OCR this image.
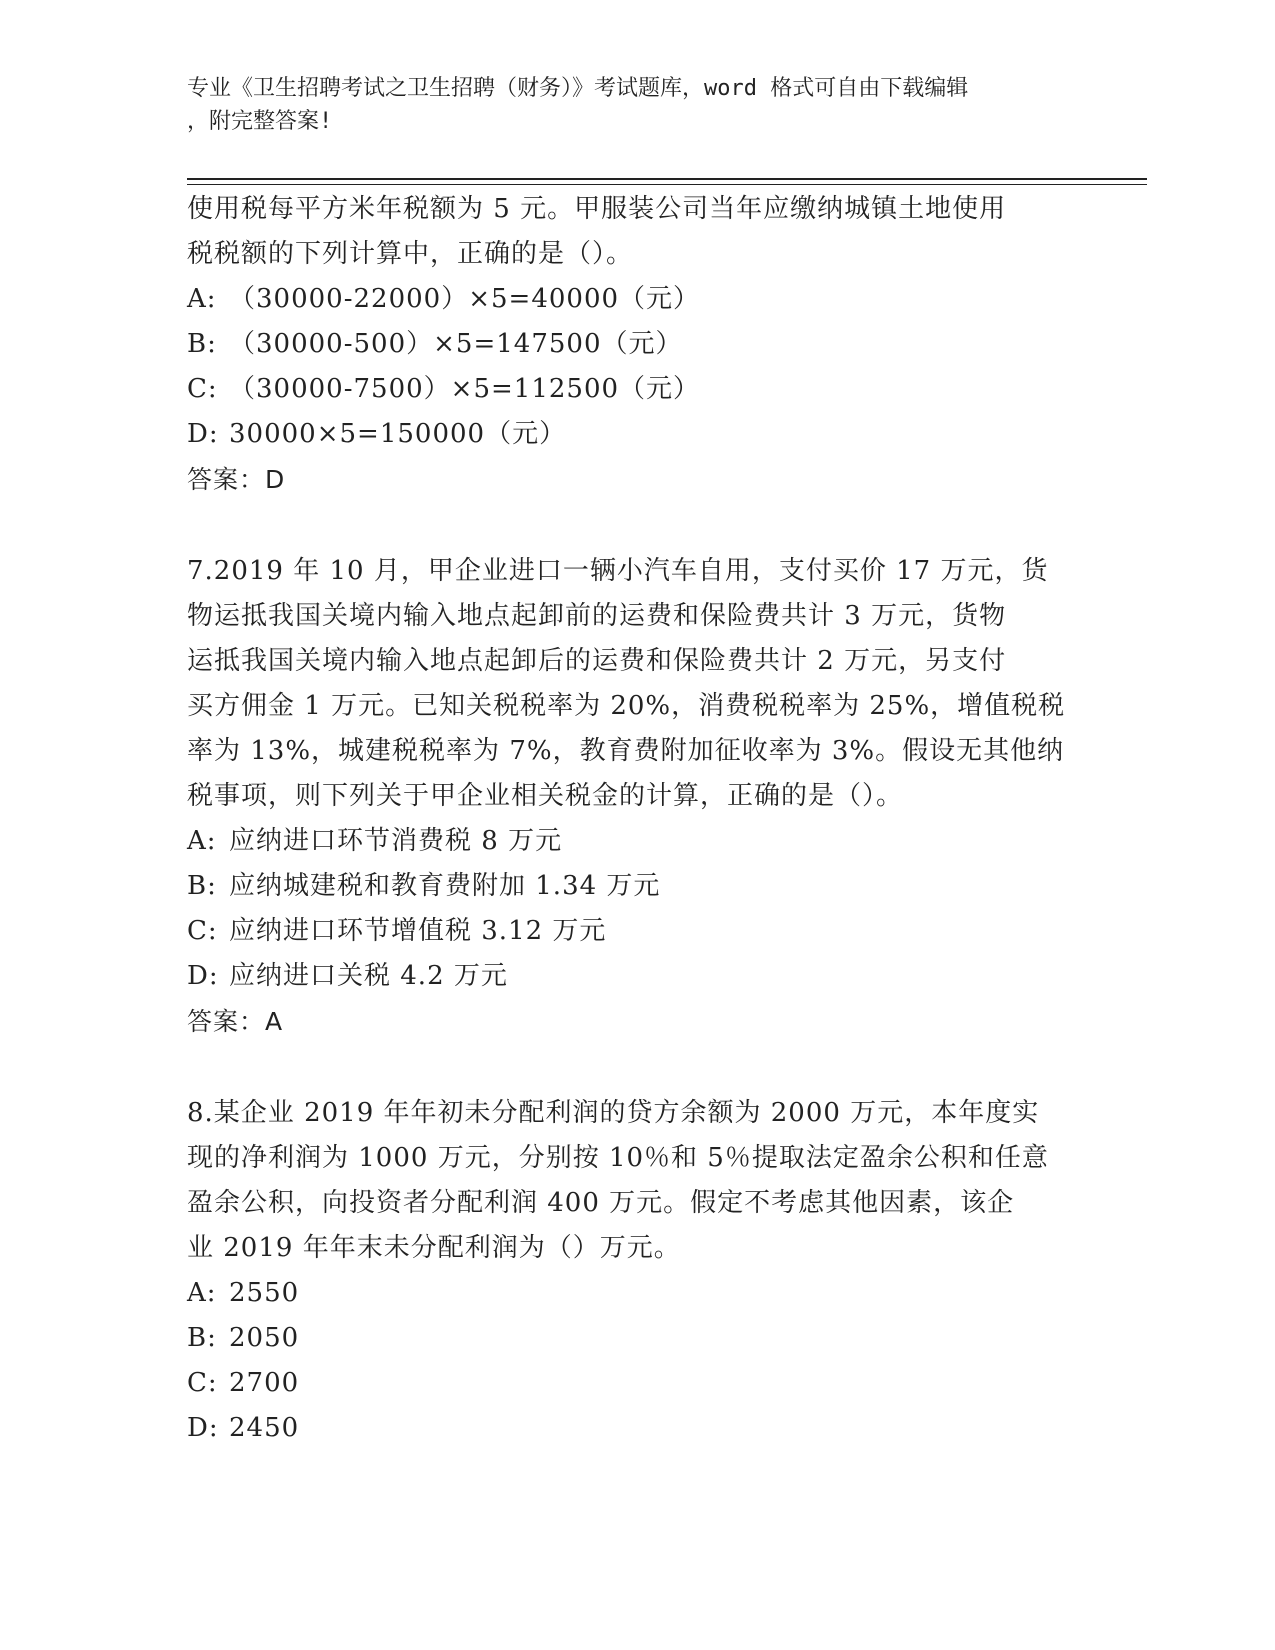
专业《卫生招聘考试之卫生招聘（财务）》考试题库，word 格式可自由下载编辑
，附完整答案!
使用税每平方米年税额为 5 元。甲服装公司当年应缴纳城镇土地使用
税税额的下列计算中，正确的是（）。
A: （30000-22000）×5=40000（元）
B: （30000-500）×5=147500（元）
C: （30000-7500）×5=112500（元）
D: 30000×5=150000（元）
答案：D
7.2019 年 10 月，甲企业进口一辆小汽车自用，支付买价 17 万元，货
物运抵我国关境内输入地点起卸前的运费和保险费共计 3 万元，货物
运抵我国关境内输入地点起卸后的运费和保险费共计 2 万元，另支付
买方佣金 1 万元。已知关税税率为 20%，消费税税率为 25%，增值税税
率为 13%，城建税税率为 7%，教育费附加征收率为 3%。假设无其他纳
税事项，则下列关于甲企业相关税金的计算，正确的是（）。
A: 应纳进口环节消费税 8 万元
B: 应纳城建税和教育费附加 1.34 万元
C: 应纳进口环节增值税 3.12 万元
D: 应纳进口关税 4.2 万元
答案：A
8.某企业 2019 年年初未分配利润的贷方余额为 2000 万元，本年度实
现的净利润为 1000 万元，分别按 10％和 5％提取法定盈余公积和任意
盈余公积，向投资者分配利润 400 万元。假定不考虑其他因素，该企
业 2019 年年末未分配利润为（）万元。
A: 2550
B: 2050
C: 2700
D: 2450
